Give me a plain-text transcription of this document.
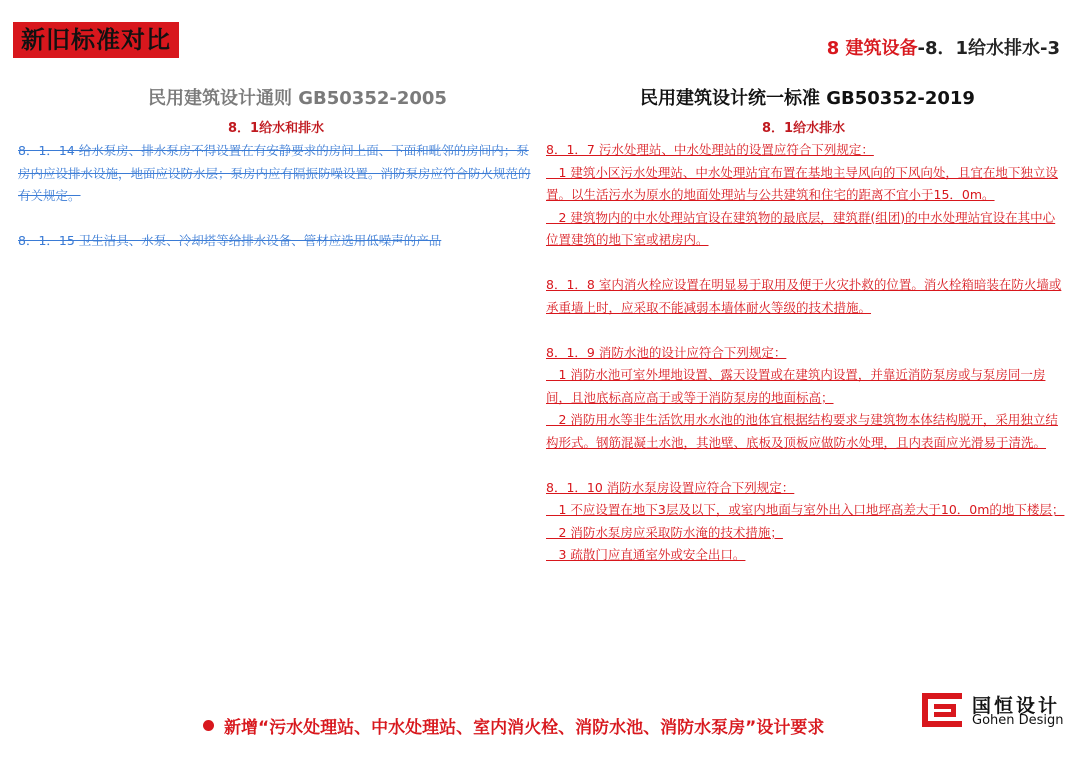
新旧标准对比	8 建筑设备-8．1给水排水-3
民用建筑设计通则 GB50352-2005	民用建筑设计统一标准 GB50352-2019
8．1给水和排水	8．1给水排水

8．1．14 给水泵房、排水泵房不得设置在有安静要求的房间上面、下面和毗邻的房间内；泵房内应设排水设施，地面应设防水层；泵房内应有隔振防噪设置。消防泵房应符合防火规范的有关规定。

8．1．15 卫生洁具、水泵、冷却塔等给排水设备、管材应选用低噪声的产品

8．1．7 污水处理站、中水处理站的设置应符合下列规定：

　1 建筑小区污水处理站、中水处理站宜布置在基地主导风向的下风向处，且宜在地下独立设置。以生活污水为原水的地面处理站与公共建筑和住宅的距离不宜小于15．0m。

　2 建筑物内的中水处理站宜设在建筑物的最底层，建筑群(组团)的中水处理站宜设在其中心位置建筑的地下室或裙房内。

8．1．8 室内消火栓应设置在明显易于取用及便于火灾扑救的位置。消火栓箱暗装在防火墙或承重墙上时，应采取不能减弱本墙体耐火等级的技术措施。

8．1．9 消防水池的设计应符合下列规定：

　1 消防水池可室外埋地设置、露天设置或在建筑内设置，并靠近消防泵房或与泵房同一房间，且池底标高应高于或等于消防泵房的地面标高；

　2 消防用水等非生活饮用水水池的池体宜根据结构要求与建筑物本体结构脱开，采用独立结构形式。钢筋混凝土水池，其池壁、底板及顶板应做防水处理，且内表面应光滑易于清洗。

8．1．10 消防水泵房设置应符合下列规定：

　1 不应设置在地下3层及以下，或室内地面与室外出入口地坪高差大于10．0m的地下楼层；

　2 消防水泵房应采取防水淹的技术措施；

　3 疏散门应直通室外或安全出口。

新增“污水处理站、中水处理站、室内消火栓、消防水池、消防水泵房”设计要求
国恒设计
Gohen Design
